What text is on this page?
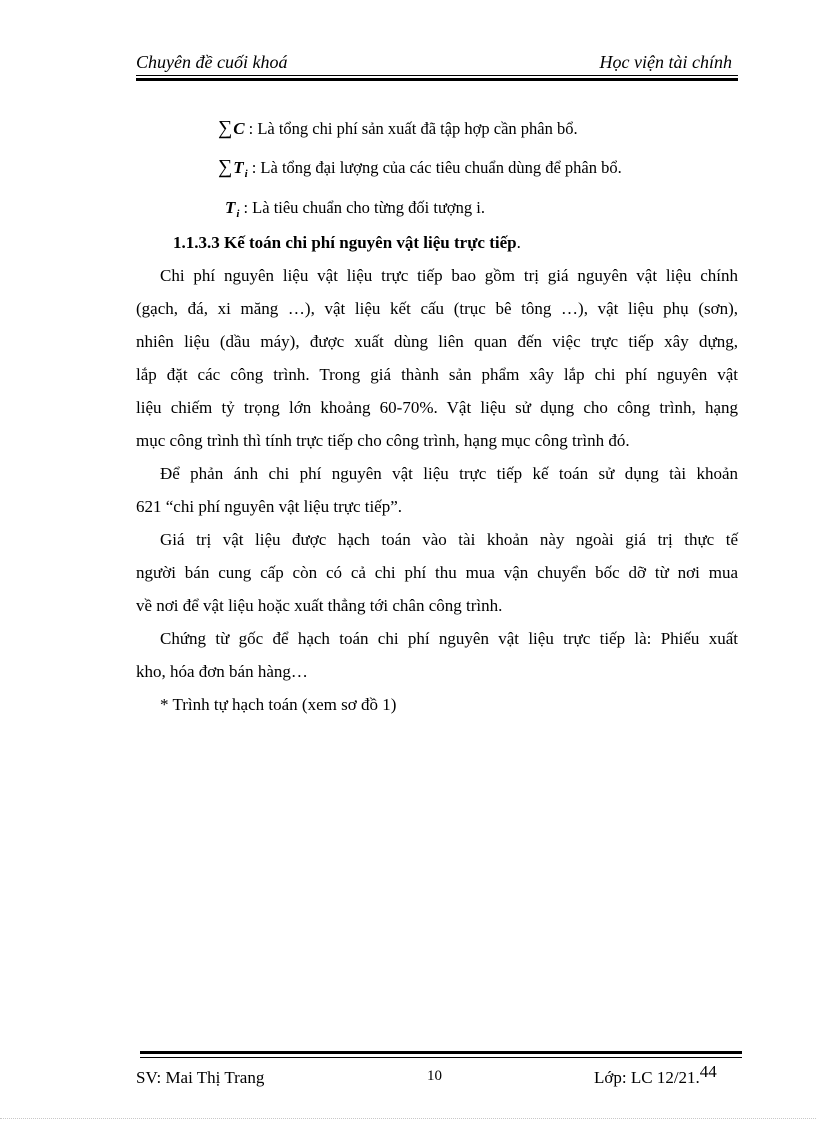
Chuyên đề cuối khoá	Học viện tài chính
∑ C : Là tổng chi phí sản xuất đã tập hợp cần phân bổ.
∑ T i : Là tổng đại lượng của các tiêu chuẩn dùng để phân bổ.
T i : Là tiêu chuẩn cho từng đối tượng i.
1.1.3.3 Kế toán chi phí nguyên vật liệu trực tiếp.
Chi phí nguyên liệu vật liệu trực tiếp bao gồm trị giá nguyên vật liệu chính
(gạch, đá, xi măng …), vật liệu kết cấu (trục bê tông …), vật liệu phụ (sơn),
nhiên liệu (dầu máy), được xuất dùng liên quan đến việc trực tiếp xây dựng,
lắp đặt các công trình. Trong giá thành sản phẩm xây lắp chi phí nguyên vật
liệu chiếm tỷ trọng lớn khoảng 60-70%. Vật liệu sử dụng cho công trình, hạng
mục công trình thì tính trực tiếp cho công trình, hạng mục công trình đó.
Để phản ánh chi phí nguyên vật liệu trực tiếp kế toán sử dụng tài khoản
621 “chi phí nguyên vật liệu trực tiếp”.
Giá trị vật liệu được hạch toán vào tài khoản này ngoài giá trị thực tế
người bán cung cấp còn có cả chi phí thu mua vận chuyển bốc dỡ từ nơi mua
về nơi để vật liệu hoặc xuất thẳng tới chân công trình.
Chứng từ gốc để hạch toán chi phí nguyên vật liệu trực tiếp là: Phiếu xuất
kho, hóa đơn bán hàng…
* Trình tự hạch toán (xem sơ đồ 1)
SV: Mai Thị Trang	10	Lớp: LC 12/21.44
